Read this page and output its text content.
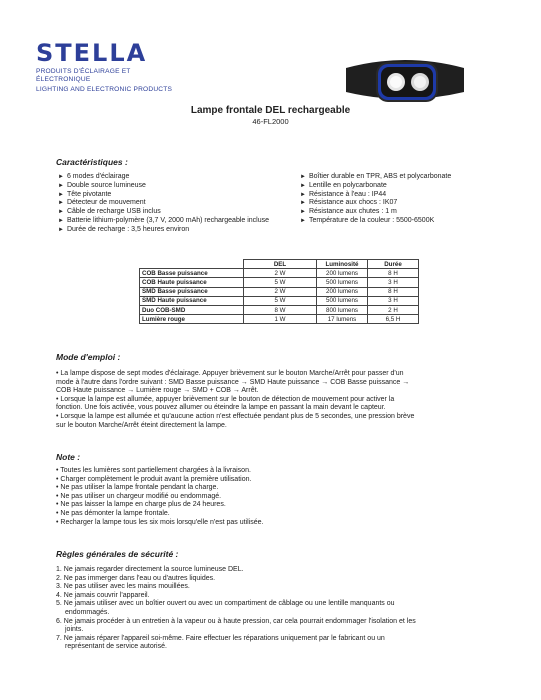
STELLA
PRODUITS D'ÉCLAIRAGE ET ÉLECTRONIQUE
LIGHTING AND ELECTRONIC PRODUCTS
Lampe frontale DEL rechargeable
46-FL2000
Caractéristiques :
► 6 modes d'éclairage
► Double source lumineuse
► Tête pivotante
► Détecteur de mouvement
► Câble de recharge USB inclus
► Batterie lithium-polymère (3,7 V, 2000 mAh) rechargeable incluse
► Durée de recharge : 3,5 heures environ
► Boîtier durable en TPR, ABS et polycarbonate
► Lentille en polycarbonate
► Résistance à l'eau : IP44
► Résistance aux chocs : IK07
► Résistance aux chutes : 1 m
► Température de la couleur : 5500-6500K
	DEL	Luminosité	Durée
COB Basse puissance	2 W	200 lumens	8 H
COB Haute puissance	5 W	500 lumens	3 H
SMD Basse puissance	2 W	200 lumens	8 H
SMD Haute puissance	5 W	500 lumens	3 H
Duo COB-SMD	8 W	800 lumens	2 H
Lumière rouge	1 W	17 lumens	6,5 H
Mode d'emploi :

• La lampe dispose de sept modes d'éclairage. Appuyer brièvement sur le bouton Marche/Arrêt pour passer d'un mode à l'autre dans l'ordre suivant : SMD Basse puissance → SMD Haute puissance → COB Basse puissance → COB Haute puissance → Lumière rouge → SMD + COB → Arrêt.

• Lorsque la lampe est allumée, appuyer brièvement sur le bouton de détection de mouvement pour activer la fonction. Une fois activée, vous pouvez allumer ou éteindre la lampe en passant la main devant le capteur.

• Lorsque la lampe est allumée et qu'aucune action n'est effectuée pendant plus de 5 secondes, une pression brève sur le bouton Marche/Arrêt éteint directement la lampe.

Note :
• Toutes les lumières sont partiellement chargées à la livraison.
• Charger complètement le produit avant la première utilisation.
• Ne pas utiliser la lampe frontale pendant la charge.
• Ne pas utiliser un chargeur modifié ou endommagé.
• Ne pas laisser la lampe en charge plus de 24 heures.
• Ne pas démonter la lampe frontale.
• Recharger la lampe tous les six mois lorsqu'elle n'est pas utilisée.
Règles générales de sécurité :
1. Ne jamais regarder directement la source lumineuse DEL.
2. Ne pas immerger dans l'eau ou d'autres liquides.
3. Ne pas utiliser avec les mains mouillées.
4. Ne jamais couvrir l'appareil.
5. Ne jamais utiliser avec un boîtier ouvert ou avec un compartiment de câblage ou une lentille manquants ou endommagés.
6. Ne jamais procéder à un entretien à la vapeur ou à haute pression, car cela pourrait endommager l'isolation et les joints.
7. Ne jamais réparer l'appareil soi-même. Faire effectuer les réparations uniquement par le fabricant ou un représentant de service autorisé.
